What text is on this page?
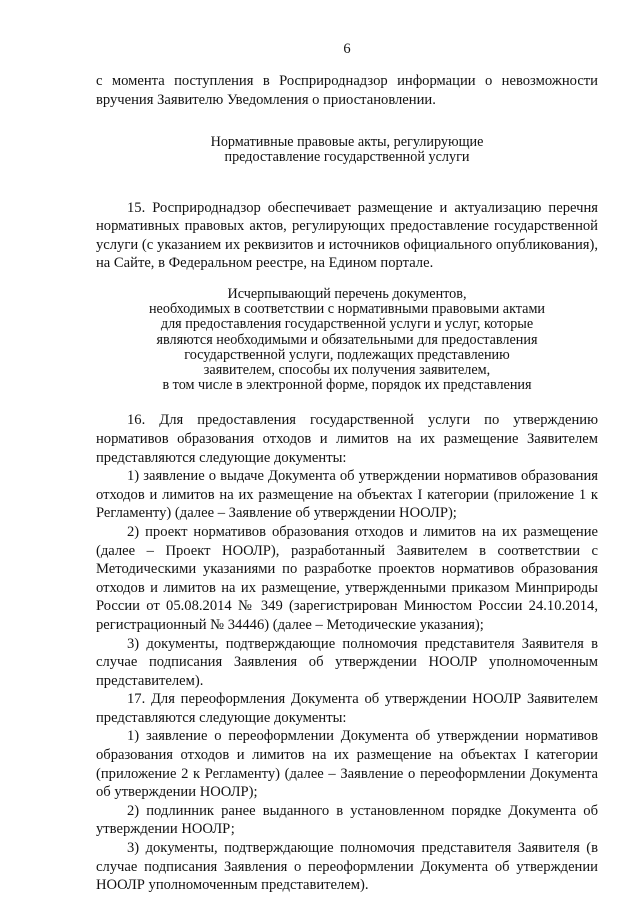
6

с момента поступления в Росприроднадзор информации о невозможности вручения Заявителю Уведомления о приостановлении.

Нормативные правовые акты, регулирующие
предоставление государственной услуги

15. Росприроднадзор обеспечивает размещение и актуализацию перечня нормативных правовых актов, регулирующих предоставление государственной услуги (с указанием их реквизитов и источников официального опубликования), на Сайте, в Федеральном реестре, на Едином портале.

Исчерпывающий перечень документов,
необходимых в соответствии с нормативными правовыми актами
для предоставления государственной услуги и услуг, которые
являются необходимыми и обязательными для предоставления
государственной услуги, подлежащих представлению
заявителем, способы их получения заявителем,
в том числе в электронной форме, порядок их представления

16. Для предоставления государственной услуги по утверждению нормативов образования отходов и лимитов на их размещение Заявителем представляются следующие документы:

1) заявление о выдаче Документа об утверждении нормативов образования отходов и лимитов на их размещение на объектах I категории (приложение 1 к Регламенту) (далее – Заявление об утверждении НООЛР);

2) проект нормативов образования отходов и лимитов на их размещение (далее – Проект НООЛР), разработанный Заявителем в соответствии с Методическими указаниями по разработке проектов нормативов образования отходов и лимитов на их размещение, утвержденными приказом Минприроды России от 05.08.2014 № 349 (зарегистрирован Минюстом России 24.10.2014, регистрационный № 34446) (далее – Методические указания);

3) документы, подтверждающие полномочия представителя Заявителя в случае подписания Заявления об утверждении НООЛР уполномоченным представителем).

17. Для переоформления Документа об утверждении НООЛР Заявителем представляются следующие документы:

1) заявление о переоформлении Документа об утверждении нормативов образования отходов и лимитов на их размещение на объектах I категории (приложение 2 к Регламенту) (далее – Заявление о переоформлении Документа об утверждении НООЛР);

2) подлинник ранее выданного в установленном порядке Документа об утверждении НООЛР;

3) документы, подтверждающие полномочия представителя Заявителя (в случае подписания Заявления о переоформлении Документа об утверждении НООЛР уполномоченным представителем).
